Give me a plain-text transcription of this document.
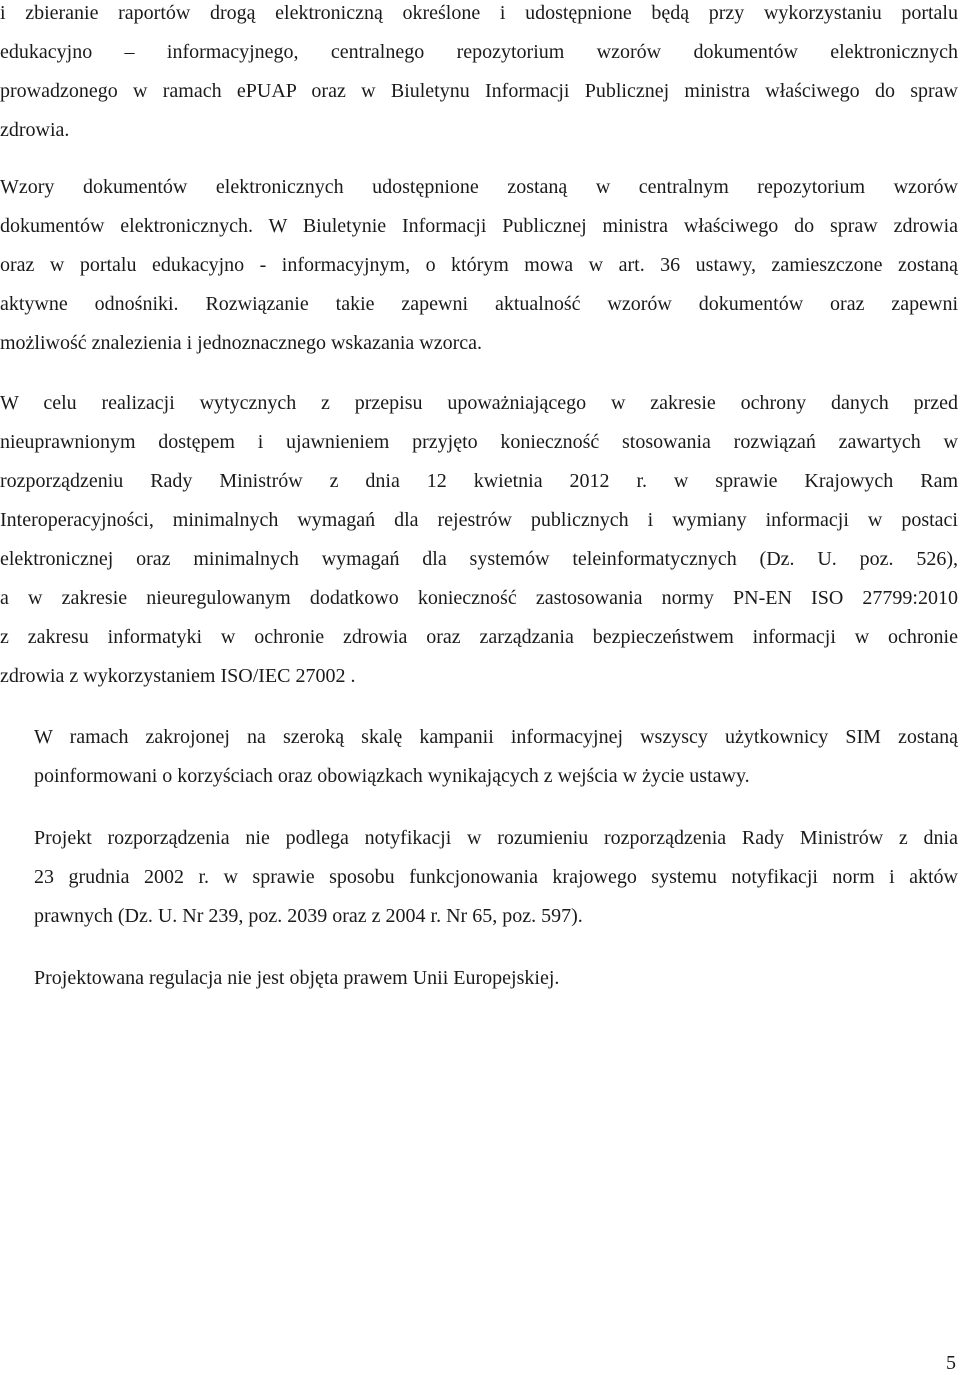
i zbieranie raportów drogą elektroniczną określone i udostępnione będą przy wykorzystaniu portalu
edukacyjno – informacyjnego, centralnego repozytorium wzorów dokumentów elektronicznych
prowadzonego w ramach ePUAP oraz w Biuletynu Informacji Publicznej ministra właściwego do spraw
zdrowia.

Wzory dokumentów elektronicznych udostępnione zostaną w centralnym repozytorium wzorów
dokumentów elektronicznych. W Biuletynie Informacji Publicznej ministra właściwego do spraw zdrowia
oraz w portalu edukacyjno - informacyjnym, o którym mowa w art. 36 ustawy, zamieszczone zostaną
aktywne odnośniki. Rozwiązanie takie zapewni aktualność wzorów dokumentów oraz zapewni
możliwość znalezienia i jednoznacznego wskazania wzorca.

W celu realizacji wytycznych z przepisu upoważniającego w zakresie ochrony danych przed
nieuprawnionym dostępem i ujawnieniem przyjęto konieczność stosowania rozwiązań zawartych w
rozporządzeniu Rady Ministrów z dnia 12 kwietnia 2012 r. w sprawie Krajowych Ram
Interoperacyjności, minimalnych wymagań dla rejestrów publicznych i wymiany informacji w postaci
elektronicznej oraz minimalnych wymagań dla systemów teleinformatycznych (Dz. U. poz. 526),
a w zakresie nieuregulowanym dodatkowo konieczność zastosowania normy PN-EN ISO 27799:2010
z zakresu informatyki w ochronie zdrowia oraz zarządzania bezpieczeństwem informacji w ochronie
zdrowia z wykorzystaniem ISO/IEC 27002 .

W ramach zakrojonej na szeroką skalę kampanii informacyjnej wszyscy użytkownicy SIM zostaną
poinformowani o korzyściach oraz obowiązkach wynikających z wejścia w życie ustawy.

Projekt rozporządzenia nie podlega notyfikacji w rozumieniu rozporządzenia Rady Ministrów z dnia
23 grudnia 2002 r. w sprawie sposobu funkcjonowania krajowego systemu notyfikacji norm i aktów
prawnych (Dz. U. Nr 239, poz. 2039 oraz z 2004 r. Nr 65, poz. 597).

Projektowana regulacja nie jest objęta prawem Unii Europejskiej.

5
